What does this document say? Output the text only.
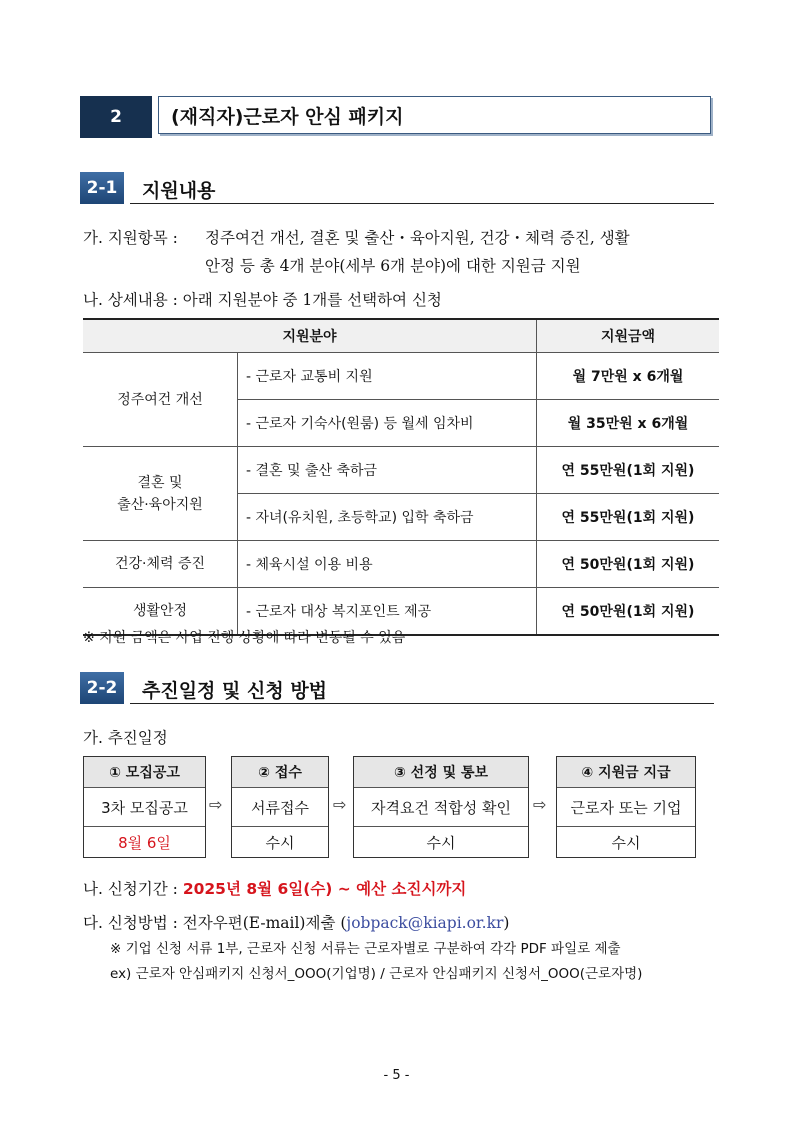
2	(재직자)근로자 안심 패키지
2-1	지원내용
가. 지원항목 : 정주여건 개선, 결혼 및 출산・육아지원, 건강・체력 증진, 생활
안정 등 총 4개 분야(세부 6개 분야)에 대한 지원금 지원
나. 상세내용 : 아래 지원분야 중 1개를 선택하여 신청
지원분야		지원금액
정주여건 개선	- 근로자 교통비 지원	월 7만원 x 6개월
	- 근로자 기숙사(원룸) 등 월세 임차비	월 35만원 x 6개월
결혼 및
출산·육아지원	- 결혼 및 출산 축하금	연 55만원(1회 지원)
	- 자녀(유치원, 초등학교) 입학 축하금	연 55만원(1회 지원)
건강·체력 증진	- 체육시설 이용 비용	연 50만원(1회 지원)
생활안정	- 근로자 대상 복지포인트 제공	연 50만원(1회 지원)
※ 지원 금액은 사업 진행 상황에 따라 변동될 수 있음
2-2	추진일정 및 신청 방법
가. 추진일정
① 모집공고
3차 모집공고
8월 6일
⇨
② 접수
서류접수
수시
⇨
③ 선정 및 통보
자격요건 적합성 확인
수시
⇨
④ 지원금 지급
근로자 또는 기업
수시
나. 신청기간 : 2025년 8월 6일(수) ~ 예산 소진시까지
다. 신청방법 : 전자우편(E-mail)제출 (jobpack@kiapi.or.kr)
※ 기업 신청 서류 1부, 근로자 신청 서류는 근로자별로 구분하여 각각 PDF 파일로 제출
ex) 근로자 안심패키지 신청서_OOO(기업명) / 근로자 안심패키지 신청서_OOO(근로자명)
- 5 -
